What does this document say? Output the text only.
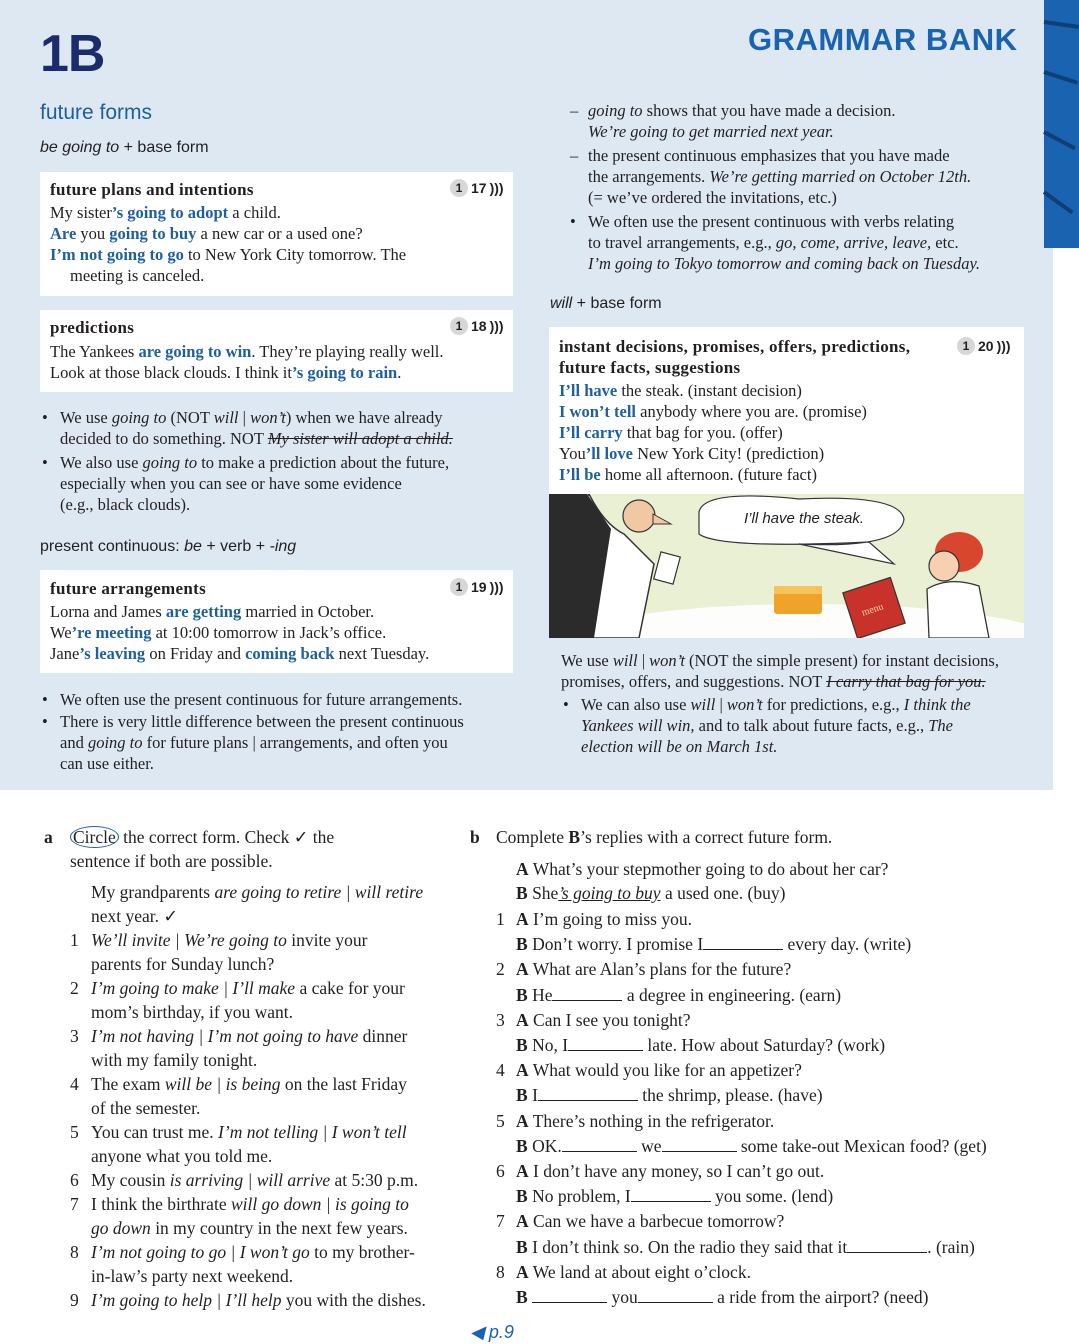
1B	GRAMMAR BANK
future forms
be going to + base form
future plans and intentions	1 17 )))
My sister’s going to adopt a child.
Are you going to buy a new car or a used one?
I’m not going to go to New York City tomorrow. The
meeting is canceled.
predictions	1 18 )))
The Yankees are going to win. They’re playing really well.
Look at those black clouds. I think it’s going to rain.
• We use going to (NOT will | won’t) when we have already
decided to do something. NOT My sister will adopt a child.
• We also use going to to make a prediction about the future,
especially when you can see or have some evidence
(e.g., black clouds).
present continuous: be + verb + -ing
future arrangements	1 19 )))
Lorna and James are getting married in October.
We’re meeting at 10:00 tomorrow in Jack’s office.
Jane’s leaving on Friday and coming back next Tuesday.
• We often use the present continuous for future arrangements.
• There is very little difference between the present continuous
and going to for future plans | arrangements, and often you
can use either.
– going to shows that you have made a decision.
We’re going to get married next year.
– the present continuous emphasizes that you have made
the arrangements. We’re getting married on October 12th.
(= we’ve ordered the invitations, etc.)
• We often use the present continuous with verbs relating
to travel arrangements, e.g., go, come, arrive, leave, etc.
I’m going to Tokyo tomorrow and coming back on Tuesday.
will + base form
instant decisions, promises, offers, predictions,
future facts, suggestions
1 20 )))
I’ll have the steak. (instant decision)
I won’t tell anybody where you are. (promise)
I’ll carry that bag for you. (offer)
You’ll love New York City! (prediction)
I’ll be home all afternoon. (future fact)
menu
I’ll have the steak.
We use will | won’t (NOT the simple present) for instant decisions,
promises, offers, and suggestions. NOT I carry that bag for you.
• We can also use will | won’t for predictions, e.g., I think the
Yankees will win, and to talk about future facts, e.g., The
election will be on March 1st.
a Circle the correct form. Check ✓ the
sentence if both are possible.
My grandparents are going to retire | will retire
next year. ✓
1 We’ll invite | We’re going to invite your
parents for Sunday lunch?
2 I’m going to make | I’ll make a cake for your
mom’s birthday, if you want.
3 I’m not having | I’m not going to have dinner
with my family tonight.
4 The exam will be | is being on the last Friday
of the semester.
5 You can trust me. I’m not telling | I won’t tell
anyone what you told me.
6 My cousin is arriving | will arrive at 5:30 p.m.
7 I think the birthrate will go down | is going to
go down in my country in the next few years.
8 I’m not going to go | I won’t go to my brother-
in-law’s party next weekend.
9 I’m going to help | I’ll help you with the dishes.
b Complete B’s replies with a correct future form.
A What’s your stepmother going to do about her car?
B She’s going to buy a used one. (buy)
1 A I’m going to miss you.
B Don’t worry. I promise I	every day. (write)
2 A What are Alan’s plans for the future?
B He	a degree in engineering. (earn)
3 A Can I see you tonight?
B No, I	late. How about Saturday? (work)
4 A What would you like for an appetizer?
B I	the shrimp, please. (have)
5 A There’s nothing in the refrigerator.
B OK.	we	some take-out Mexican food? (get)
6 A I don’t have any money, so I can’t go out.
B No problem, I	you some. (lend)
7 A Can we have a barbecue tomorrow?
B I don’t think so. On the radio they said that it	. (rain)
8 A We land at about eight o’clock.
B	you	a ride from the airport? (need)
◀ p.9
